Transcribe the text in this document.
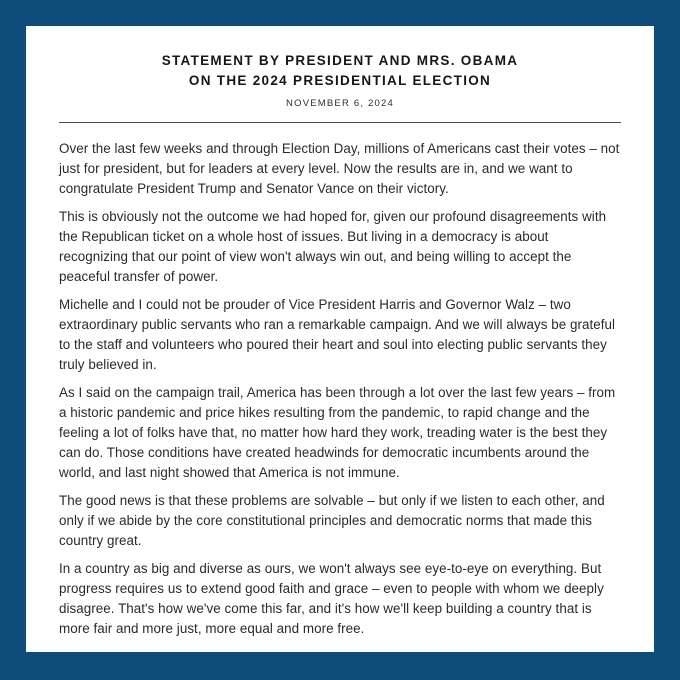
STATEMENT BY PRESIDENT AND MRS. OBAMA
ON THE 2024 PRESIDENTIAL ELECTION
NOVEMBER 6, 2024

Over the last few weeks and through Election Day, millions of Americans cast their votes – not just for president, but for leaders at every level. Now the results are in, and we want to congratulate President Trump and Senator Vance on their victory.

This is obviously not the outcome we had hoped for, given our profound disagreements with the Republican ticket on a whole host of issues. But living in a democracy is about recognizing that our point of view won't always win out, and being willing to accept the peaceful transfer of power.

Michelle and I could not be prouder of Vice President Harris and Governor Walz – two extraordinary public servants who ran a remarkable campaign. And we will always be grateful to the staff and volunteers who poured their heart and soul into electing public servants they truly believed in.

As I said on the campaign trail, America has been through a lot over the last few years – from a historic pandemic and price hikes resulting from the pandemic, to rapid change and the feeling a lot of folks have that, no matter how hard they work, treading water is the best they can do. Those conditions have created headwinds for democratic incumbents around the world, and last night showed that America is not immune.

The good news is that these problems are solvable – but only if we listen to each other, and only if we abide by the core constitutional principles and democratic norms that made this country great.

In a country as big and diverse as ours, we won't always see eye-to-eye on everything. But progress requires us to extend good faith and grace – even to people with whom we deeply disagree. That's how we've come this far, and it's how we'll keep building a country that is more fair and more just, more equal and more free.
